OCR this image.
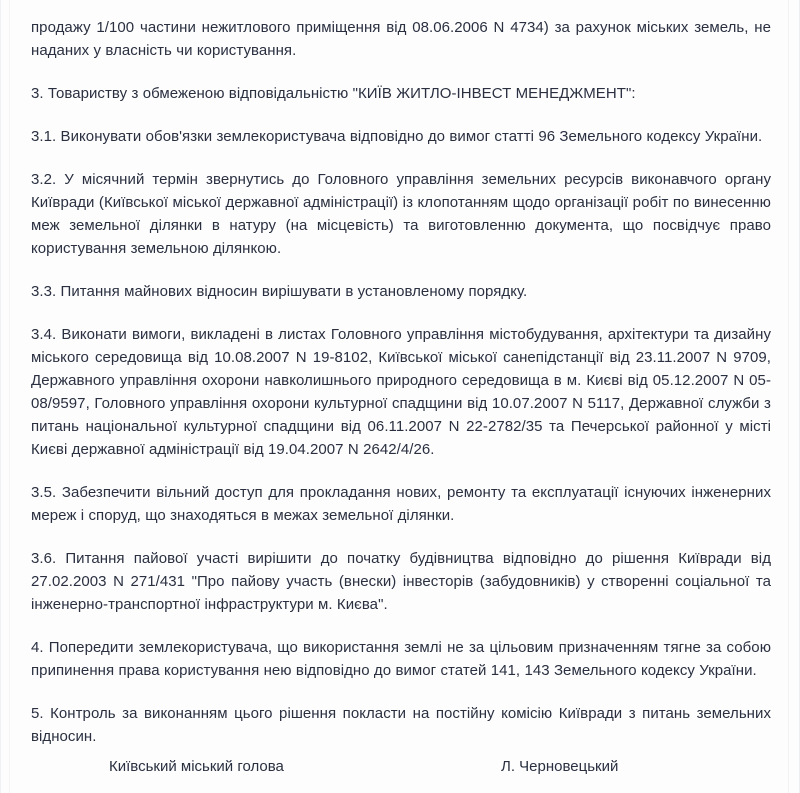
продажу 1/100 частини нежитлового приміщення від 08.06.2006 N 4734) за рахунок міських земель, не наданих у власність чи користування.

3. Товариству з обмеженою відповідальністю "КИЇВ ЖИТЛО-ІНВЕСТ МЕНЕДЖМЕНТ":

3.1. Виконувати обов'язки землекористувача відповідно до вимог статті 96 Земельного кодексу України.

3.2. У місячний термін звернутись до Головного управління земельних ресурсів виконавчого органу Київради (Київської міської державної адміністрації) із клопотанням щодо організації робіт по винесенню меж земельної ділянки в натуру (на місцевість) та виготовленню документа, що посвідчує право користування земельною ділянкою.

3.3. Питання майнових відносин вирішувати в установленому порядку.

3.4. Виконати вимоги, викладені в листах Головного управління містобудування, архітектури та дизайну міського середовища від 10.08.2007 N 19-8102, Київської міської санепідстанції від 23.11.2007 N 9709, Державного управління охорони навколишнього природного середовища в м. Києві від 05.12.2007 N 05-08/9597, Головного управління охорони культурної спадщини від 10.07.2007 N 5117, Державної служби з питань національної культурної спадщини від 06.11.2007 N 22-2782/35 та Печерської районної у місті Києві державної адміністрації від 19.04.2007 N 2642/4/26.

3.5. Забезпечити вільний доступ для прокладання нових, ремонту та експлуатації існуючих інженерних мереж і споруд, що знаходяться в межах земельної ділянки.

3.6. Питання пайової участі вирішити до початку будівництва відповідно до рішення Київради від 27.02.2003 N 271/431 "Про пайову участь (внески) інвесторів (забудовників) у створенні соціальної та інженерно-транспортної інфраструктури м. Києва".

4. Попередити землекористувача, що використання землі не за цільовим призначенням тягне за собою припинення права користування нею відповідно до вимог статей 141, 143 Земельного кодексу України.

5. Контроль за виконанням цього рішення покласти на постійну комісію Київради з питань земельних відносин.

Київський міський голова	Л. Черновецький
